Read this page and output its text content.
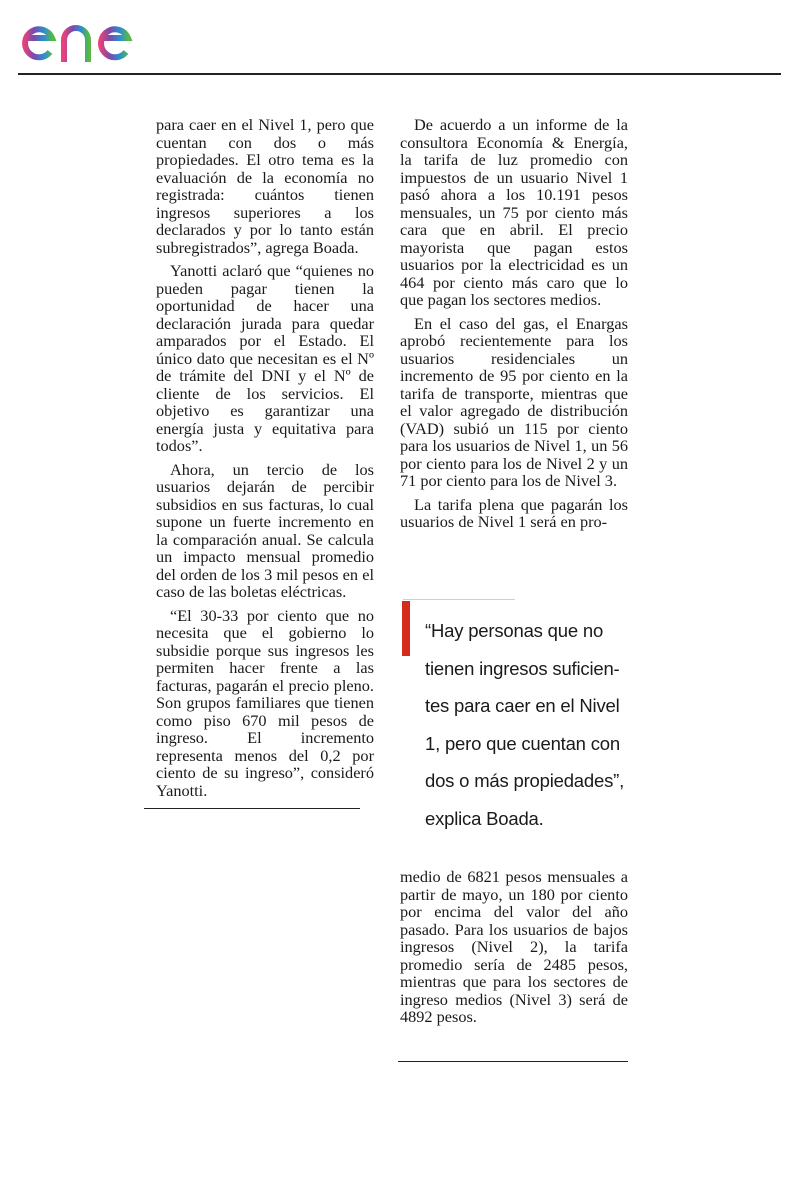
para caer en el Nivel 1, pero que cuentan con dos o más propiedades. El otro tema es la evaluación de la economía no registrada: cuántos tienen ingresos superiores a los declarados y por lo tanto están subregistrados”, agrega Boada.

Yanotti aclaró que “quienes no pueden pagar tienen la oportunidad de hacer una declaración jurada para quedar amparados por el Estado. El único dato que necesitan es el Nº de trámite del DNI y el Nº de cliente de los servicios. El objetivo es garantizar una energía justa y equitativa para todos”.

Ahora, un tercio de los usuarios dejarán de percibir subsidios en sus facturas, lo cual supone un fuerte incremento en la comparación anual. Se calcula un impacto mensual promedio del orden de los 3 mil pesos en el caso de las boletas eléctricas.

“El 30-33 por ciento que no necesita que el gobierno lo subsidie porque sus ingresos les permiten hacer frente a las facturas, pagarán el precio pleno. Son grupos familiares que tienen como piso 670 mil pesos de ingreso. El incremento representa menos del 0,2 por ciento de su ingreso”, consideró Yanotti.

De acuerdo a un informe de la consultora Economía & Energía, la tarifa de luz promedio con impuestos de un usuario Nivel 1 pasó ahora a los 10.191 pesos mensuales, un 75 por ciento más cara que en abril. El precio mayorista que pagan estos usuarios por la electricidad es un 464 por ciento más caro que lo que pagan los sectores medios.

En el caso del gas, el Enargas aprobó recientemente para los usuarios residenciales un incremento de 95 por ciento en la tarifa de transporte, mientras que el valor agregado de distribución (VAD) subió un 115 por ciento para los usuarios de Nivel 1, un 56 por ciento para los de Nivel 2 y un 71 por ciento para los de Nivel 3.

La tarifa plena que pagarán los usuarios de Nivel 1 será en pro-

“Hay personas que no
tienen ingresos suficien-
tes para caer en el Nivel
1, pero que cuentan con
dos o más propiedades”,
explica Boada.

medio de 6821 pesos mensuales a partir de mayo, un 180 por ciento por encima del valor del año pasado. Para los usuarios de bajos ingresos (Nivel 2), la tarifa promedio sería de 2485 pesos, mientras que para los sectores de ingreso medios (Nivel 3) será de 4892 pesos.
